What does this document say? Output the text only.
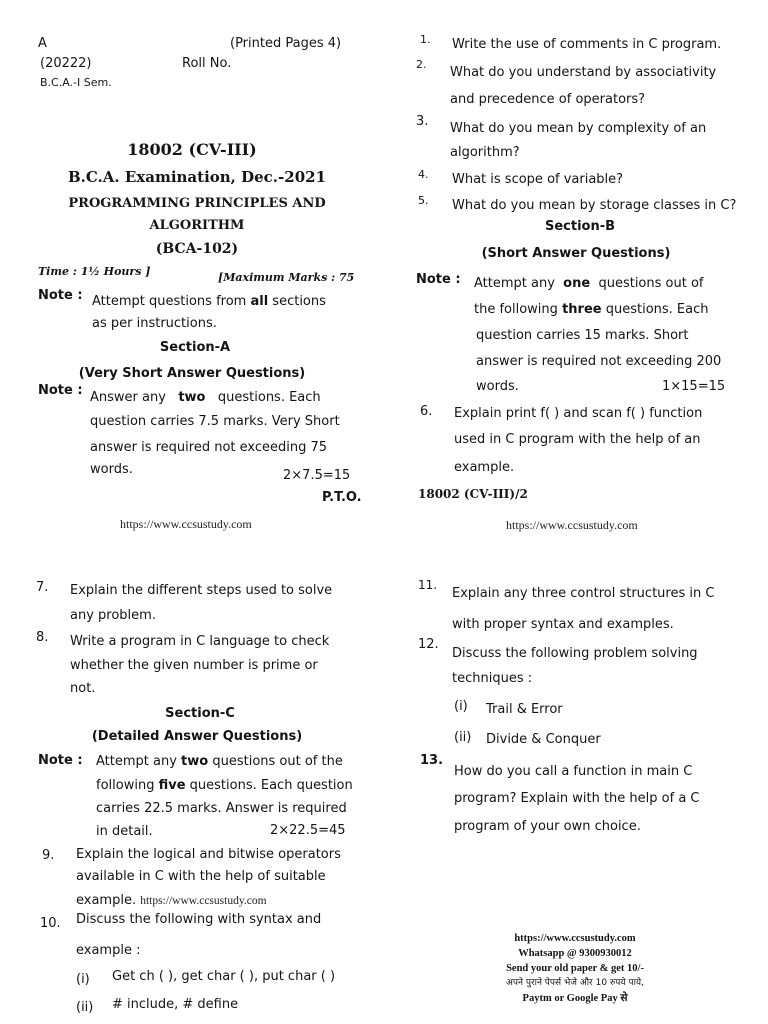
A	(Printed Pages 4)
(20222)	Roll No.
B.C.A.-I Sem.
18002 (CV-III)
B.C.A. Examination, Dec.-2021
PROGRAMMING PRINCIPLES AND
ALGORITHM
(BCA-102)
Time : 1½ Hours ]	[Maximum Marks : 75
Note : Attempt questions from all sections
as per instructions.
Section-A
(Very Short Answer Questions)
Note : Answer any two questions. Each
question carries 7.5 marks. Very Short
answer is required not exceeding 75
words.	2×7.5=15
P.T.O.
https://www.ccsustudy.com
1. Write the use of comments in C program.
2.
What do you understand by associativity
and precedence of operators?
3. What do you mean by complexity of an
algorithm?
4. What is scope of variable?
5. What do you mean by storage classes in C?
Section-B
(Short Answer Questions)
Note : Attempt any one questions out of
the following three questions. Each
question carries 15 marks. Short
answer is required not exceeding 200
words.	1×15=15
6. Explain print f( ) and scan f( ) function
used in C program with the help of an
example.
18002 (CV-III)/2
https://www.ccsustudy.com
7. Explain the different steps used to solve
any problem.
8. Write a program in C language to check
whether the given number is prime or
not.
Section-C
(Detailed Answer Questions)
Note : Attempt any two questions out of the
following five questions. Each question
carries 22.5 marks. Answer is required
in detail.	2×22.5=45
9. Explain the logical and bitwise operators
available in C with the help of suitable
example. https://www.ccsustudy.com
10. Discuss the following with syntax and
example :
(i) Get ch ( ), get char ( ), put char ( )
(ii) # include, # define
11.
Explain any three control structures in C
with proper syntax and examples.
12.
Discuss the following problem solving
techniques :
(i) Trail & Error
(ii) Divide & Conquer
13.
How do you call a function in main C
program? Explain with the help of a C
program of your own choice.
https://www.ccsustudy.com
Whatsapp @ 9300930012
Send your old paper & get 10/-
अपने पुराने पेपर्स भेजे और 10 रुपये पाये,
Paytm or Google Pay से
